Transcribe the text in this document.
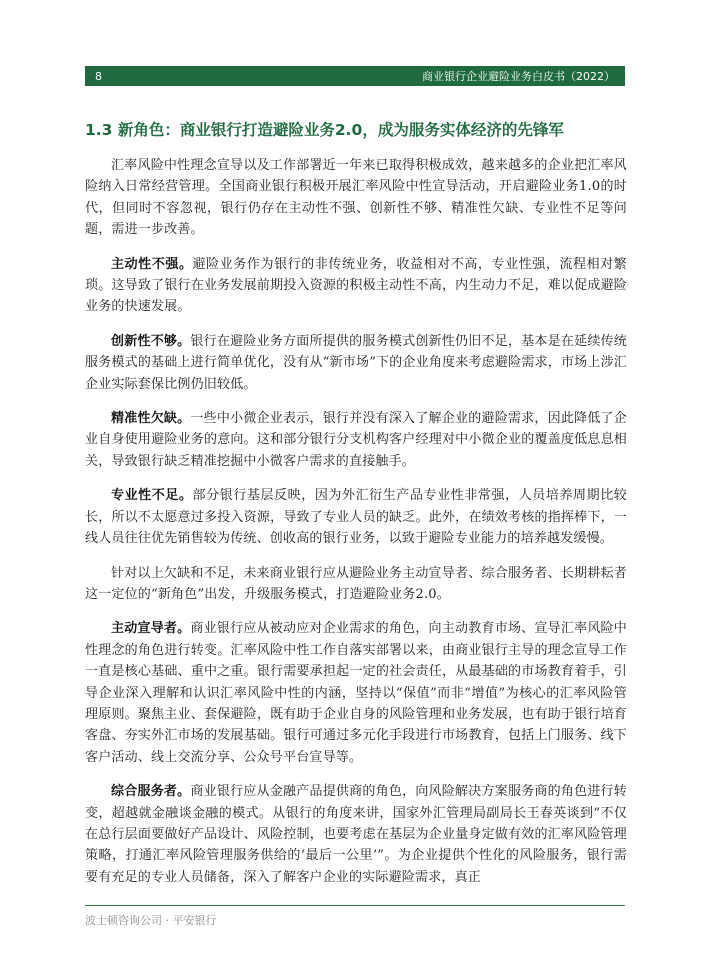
8	商业银行企业避险业务白皮书（2022）
1.3 新角色：商业银行打造避险业务2.0，成为服务实体经济的先锋军

汇率风险中性理念宣导以及工作部署近一年来已取得积极成效，越来越多的企业把汇率风险纳入日常经营管理。全国商业银行积极开展汇率风险中性宣导活动，开启避险业务1.0的时代，但同时不容忽视，银行仍存在主动性不强、创新性不够、精准性欠缺、专业性不足等问题，需进一步改善。

主动性不强。避险业务作为银行的非传统业务，收益相对不高，专业性强，流程相对繁琐。这导致了银行在业务发展前期投入资源的积极主动性不高，内生动力不足，难以促成避险业务的快速发展。

创新性不够。银行在避险业务方面所提供的服务模式创新性仍旧不足，基本是在延续传统服务模式的基础上进行简单优化，没有从“新市场”下的企业角度来考虑避险需求，市场上涉汇企业实际套保比例仍旧较低。

精准性欠缺。一些中小微企业表示，银行并没有深入了解企业的避险需求，因此降低了企业自身使用避险业务的意向。这和部分银行分支机构客户经理对中小微企业的覆盖度低息息相关，导致银行缺乏精准挖掘中小微客户需求的直接触手。

专业性不足。部分银行基层反映，因为外汇衍生产品专业性非常强，人员培养周期比较长，所以不太愿意过多投入资源，导致了专业人员的缺乏。此外，在绩效考核的指挥棒下，一线人员往往优先销售较为传统、创收高的银行业务，以致于避险专业能力的培养越发缓慢。

针对以上欠缺和不足，未来商业银行应从避险业务主动宣导者、综合服务者、长期耕耘者这一定位的“新角色”出发，升级服务模式，打造避险业务2.0。

主动宣导者。商业银行应从被动应对企业需求的角色，向主动教育市场、宣导汇率风险中性理念的角色进行转变。汇率风险中性工作自落实部署以来，由商业银行主导的理念宣导工作一直是核心基础、重中之重。银行需要承担起一定的社会责任，从最基础的市场教育着手，引导企业深入理解和认识汇率风险中性的内涵，坚持以“保值”而非“增值”为核心的汇率风险管理原则。聚焦主业、套保避险，既有助于企业自身的风险管理和业务发展，也有助于银行培育客盘、夯实外汇市场的发展基础。银行可通过多元化手段进行市场教育，包括上门服务、线下客户活动、线上交流分享、公众号平台宣导等。

综合服务者。商业银行应从金融产品提供商的角色，向风险解决方案服务商的角色进行转变，超越就金融谈金融的模式。从银行的角度来讲，国家外汇管理局副局长王春英谈到“不仅在总行层面要做好产品设计、风险控制，也要考虑在基层为企业量身定做有效的汇率风险管理策略，打通汇率风险管理服务供给的‘最后一公里’”。为企业提供个性化的风险服务，银行需要有充足的专业人员储备，深入了解客户企业的实际避险需求，真正

波士顿咨询公司 · 平安银行
